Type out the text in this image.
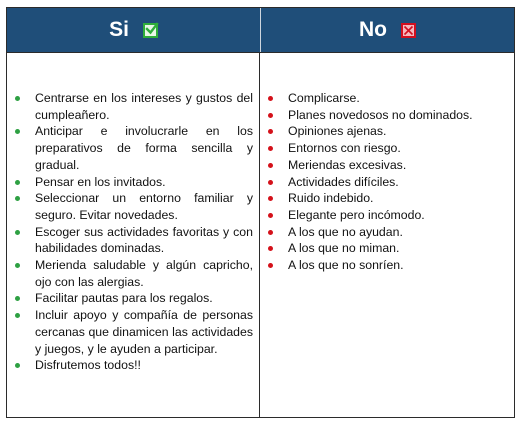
Si	No
Centrarse en los intereses y gustos del cumpleañero.
Anticipar e involucrarle en los preparativos de forma sencilla y gradual.
Pensar en los invitados.
Seleccionar un entorno familiar y seguro. Evitar novedades.
Escoger sus actividades favoritas y con habilidades dominadas.
Merienda saludable y algún capricho, ojo con las alergias.
Facilitar pautas para los regalos.
Incluir apoyo y compañía de personas cercanas que dinamicen las actividades y juegos, y le ayuden a participar.
Disfrutemos todos!!
Complicarse.
Planes novedosos no dominados.
Opiniones ajenas.
Entornos con riesgo.
Meriendas excesivas.
Actividades difíciles.
Ruido indebido.
Elegante pero incómodo.
A los que no ayudan.
A los que no miman.
A los que no sonríen.
